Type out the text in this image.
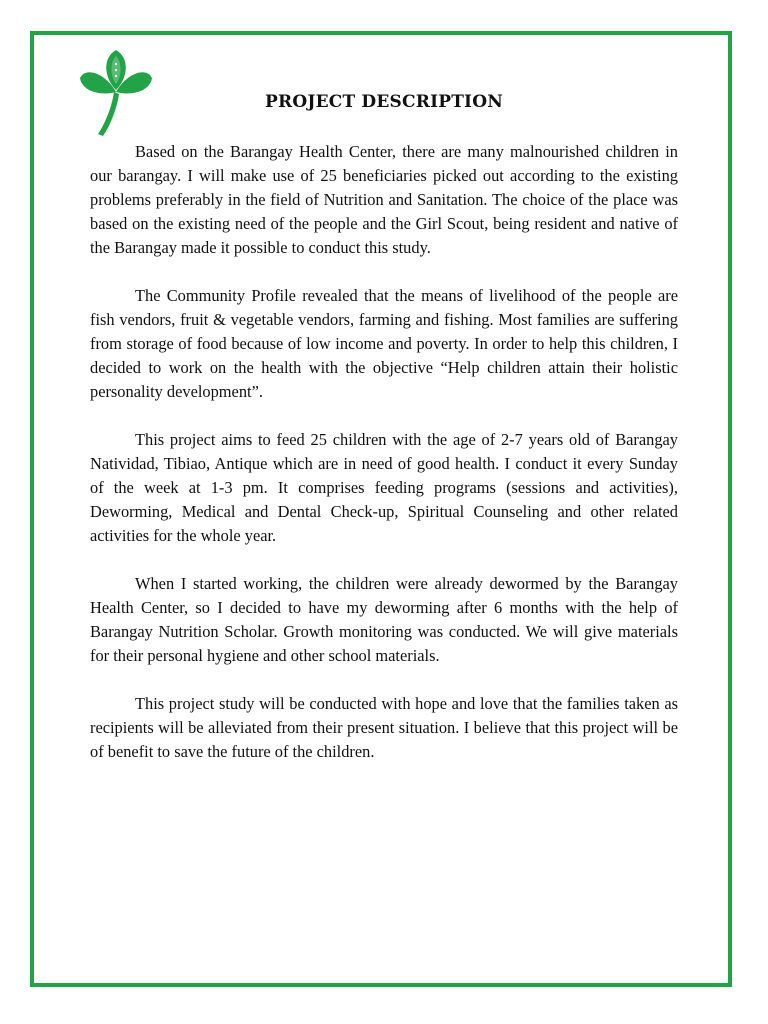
PROJECT DESCRIPTION

Based on the Barangay Health Center, there are many malnourished children in our barangay. I will make use of 25 beneficiaries picked out according to the existing problems preferably in the field of Nutrition and Sanitation. The choice of the place was based on the existing need of the people and the Girl Scout, being resident and native of the Barangay made it possible to conduct this study.

The Community Profile revealed that the means of livelihood of the people are fish vendors, fruit & vegetable vendors, farming and fishing. Most families are suffering from storage of food because of low income and poverty. In order to help this children, I decided to work on the health with the objective “Help children attain their holistic personality development”.

This project aims to feed 25 children with the age of 2-7 years old of Barangay Natividad, Tibiao, Antique which are in need of good health. I conduct it every Sunday of the week at 1-3 pm. It comprises feeding programs (sessions and activities), Deworming, Medical and Dental Check-up, Spiritual Counseling and other related activities for the whole year.

When I started working, the children were already dewormed by the Barangay Health Center, so I decided to have my deworming after 6 months with the help of Barangay Nutrition Scholar. Growth monitoring was conducted. We will give materials for their personal hygiene and other school materials.

This project study will be conducted with hope and love that the families taken as recipients will be alleviated from their present situation. I believe that this project will be of benefit to save the future of the children.
